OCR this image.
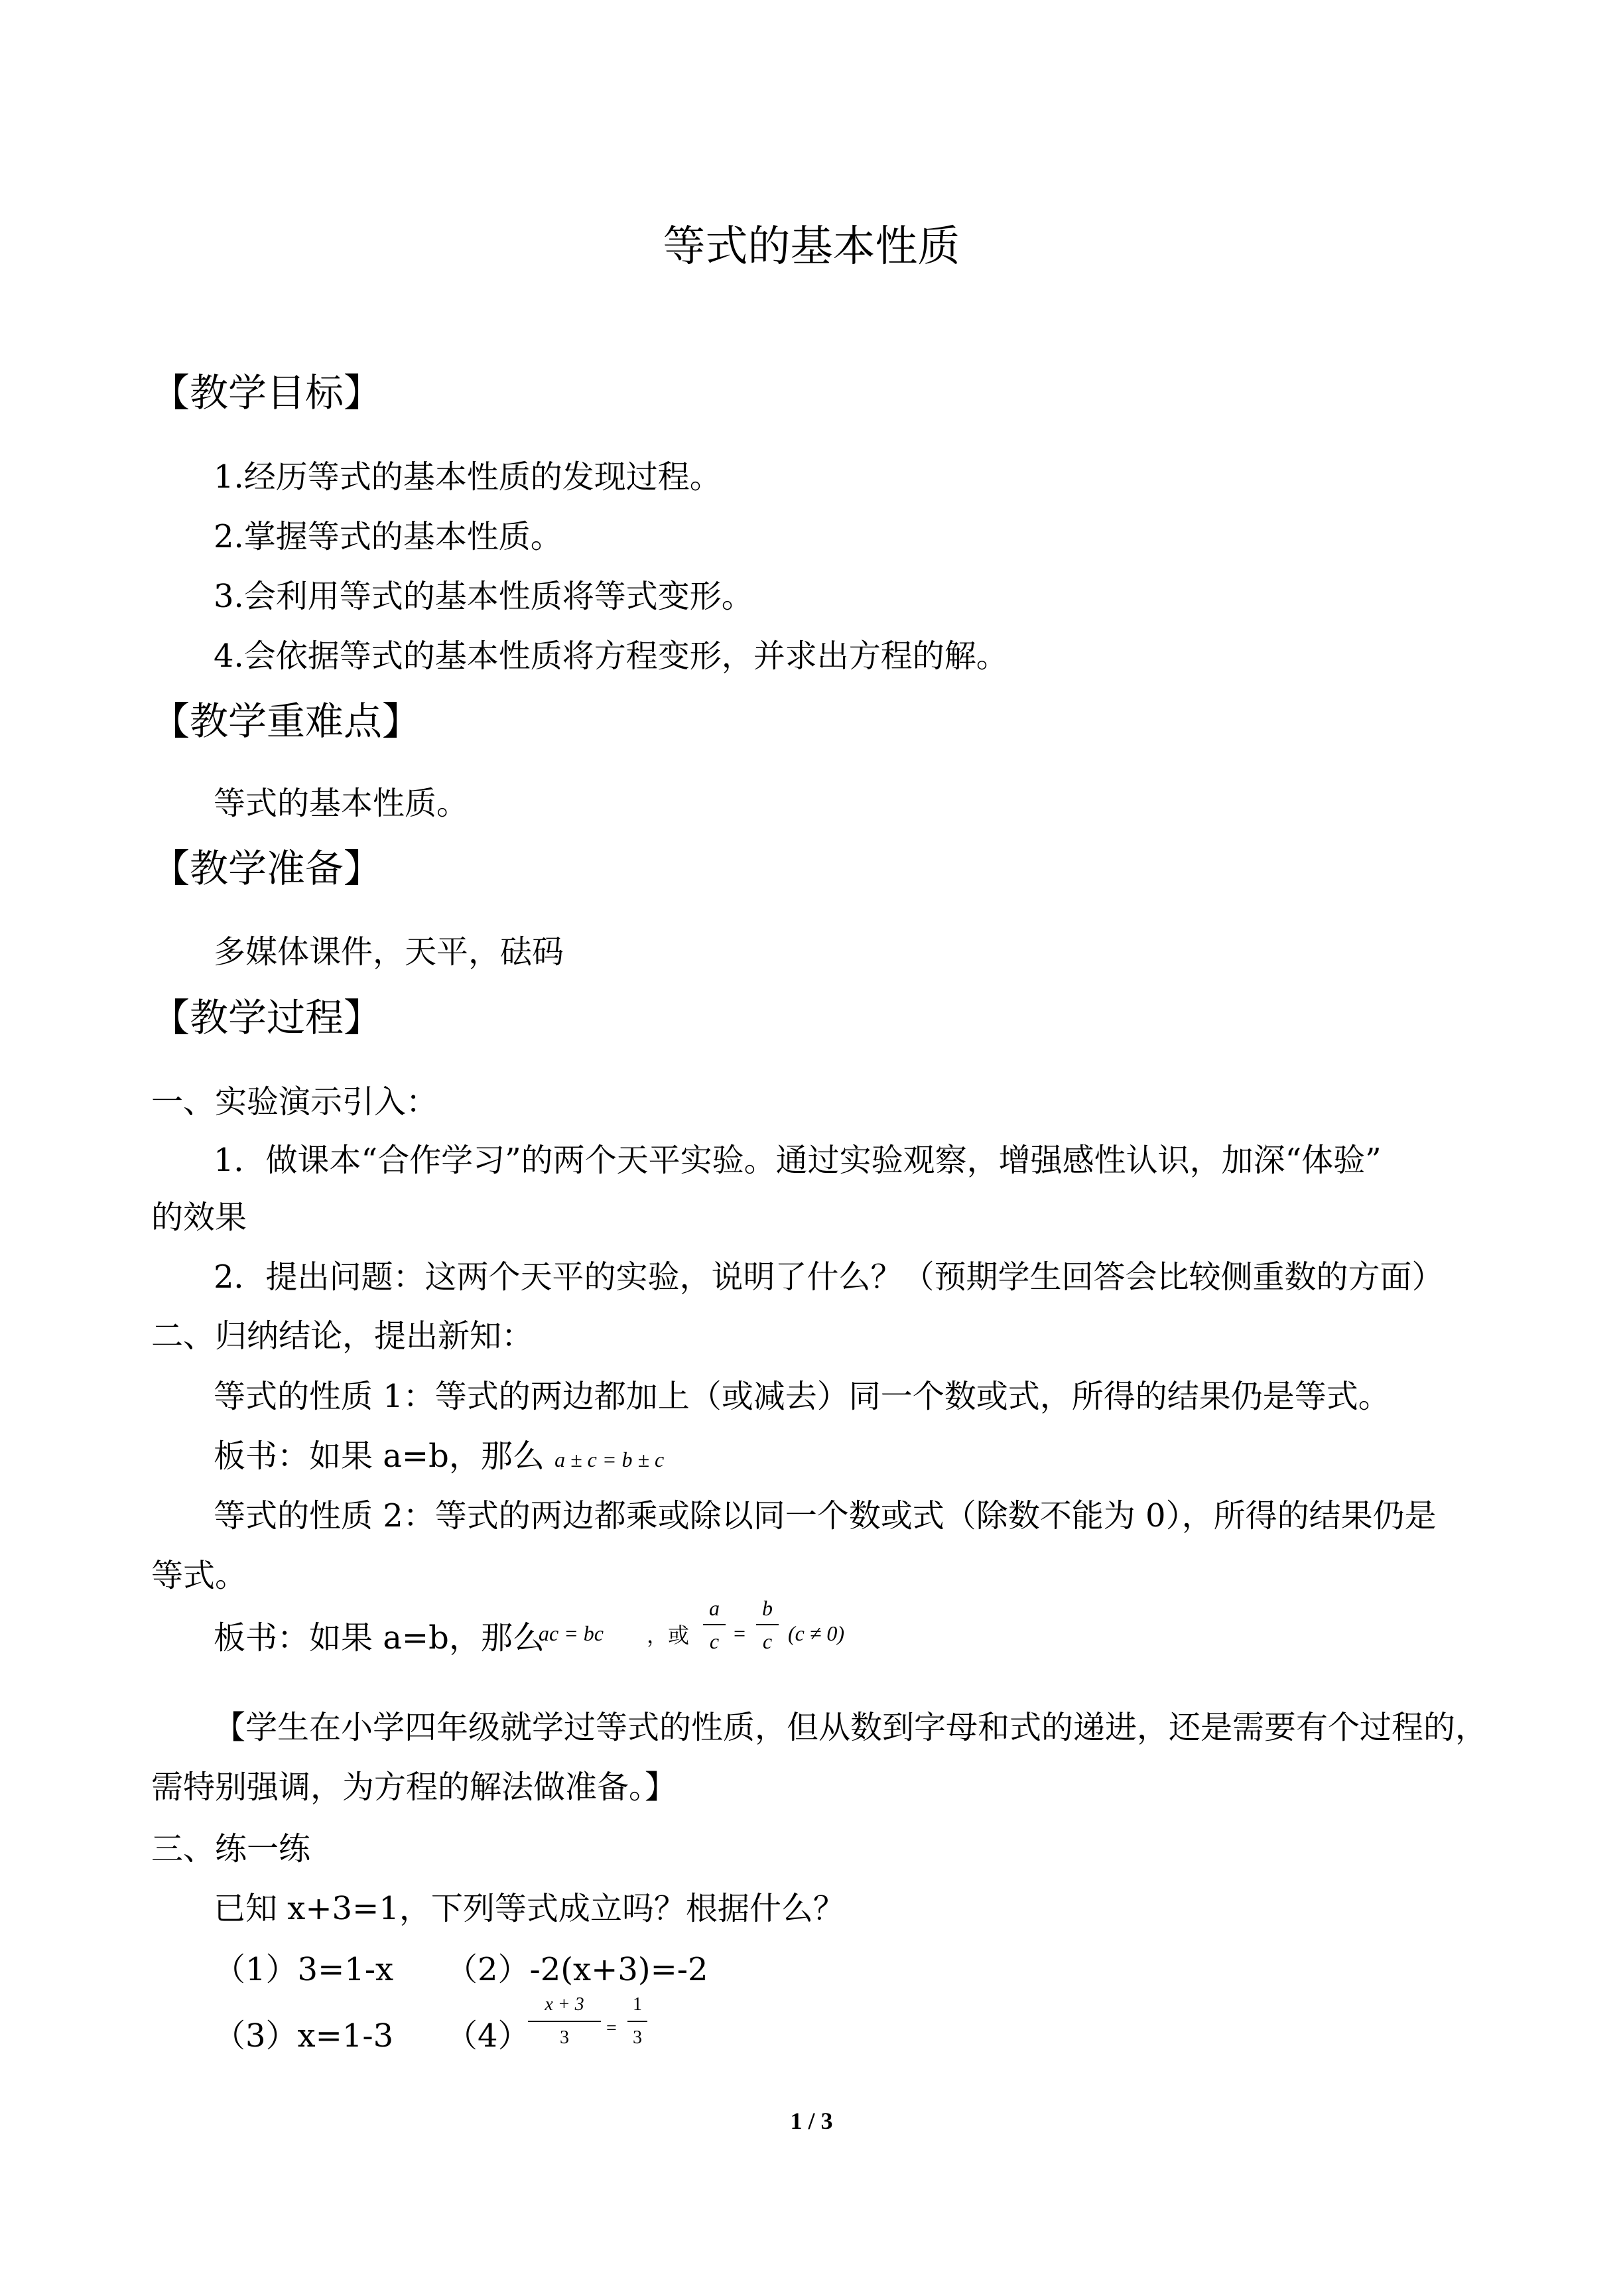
等式的基本性质
【教学目标】
1.经历等式的基本性质的发现过程。
2.掌握等式的基本性质。
3.会利用等式的基本性质将等式变形。
4.会依据等式的基本性质将方程变形，并求出方程的解。
【教学重难点】
等式的基本性质。
【教学准备】
多媒体课件，天平，砝码
【教学过程】
一、实验演示引入：
1．做课本“合作学习”的两个天平实验。通过实验观察，增强感性认识，加深“体验”
的效果
2．提出问题：这两个天平的实验，说明了什么？（预期学生回答会比较侧重数的方面）
二、归纳结论，提出新知：
等式的性质 1：等式的两边都加上（或减去）同一个数或式，所得的结果仍是等式。
板书：如果 a=b，那么 a ± c = b ± c
等式的性质 2：等式的两边都乘或除以同一个数或式（除数不能为 0），所得的结果仍是
等式。
板书：如果 a=b，那么
ac = bc ，或
a
c =
b
c (c ≠ 0)
【学生在小学四年级就学过等式的性质，但从数到字母和式的递进，还是需要有个过程的，
需特别强调，为方程的解法做准备。】
三、练一练
已知 x+3=1，下列等式成立吗？根据什么？
（1）3=1-x （2）-2(x+3)=-2
（3）x=1-3 （4）
x + 3
3	=
1
3
1 / 3
